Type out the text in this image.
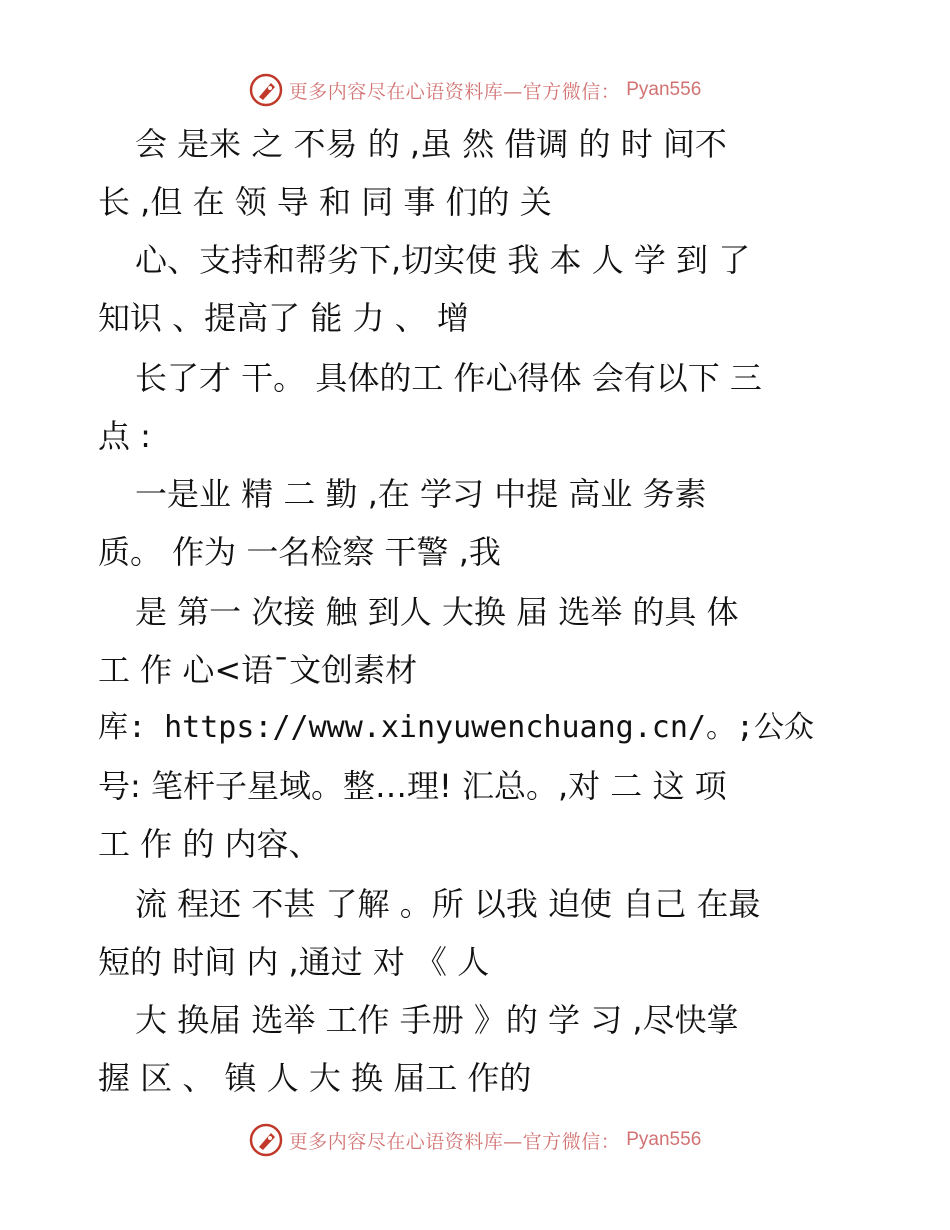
更多内容尽在心语资料库—官方微信： Pyan556
会 是来 之 不易 的 ,虽 然 借调 的 时 间不
长 ,但 在 领 导 和 同 事 们的 关
心、支持和帮劣下,切实使 我 本 人 学 到 了
知识 、提高了 能 力 、 增
长了才 干。 具体的工 作心得体 会有以下 三
点 :
一是业 精 二 勤 ,在 学习 中提 高业 务素
质。 作为 一名检察 干警 ,我
是 第一 次接 触 到人 大换 届 选举 的具 体
工 作 心<语¯文创素材
库: https://www.xinyuwenchuang.cn/。;公众
号: 笔杆子星域。整…理! 汇总。,对 二 这 项
工 作 的 内容、
流 程还 不甚 了解 。所 以我 迫使 自己 在最
短的 时间 内 ,通过 对 《 人
大 换届 选举 工作 手册 》的 学 习 ,尽快掌
握 区 、 镇 人 大 换 届工 作的
更多内容尽在心语资料库—官方微信： Pyan556
